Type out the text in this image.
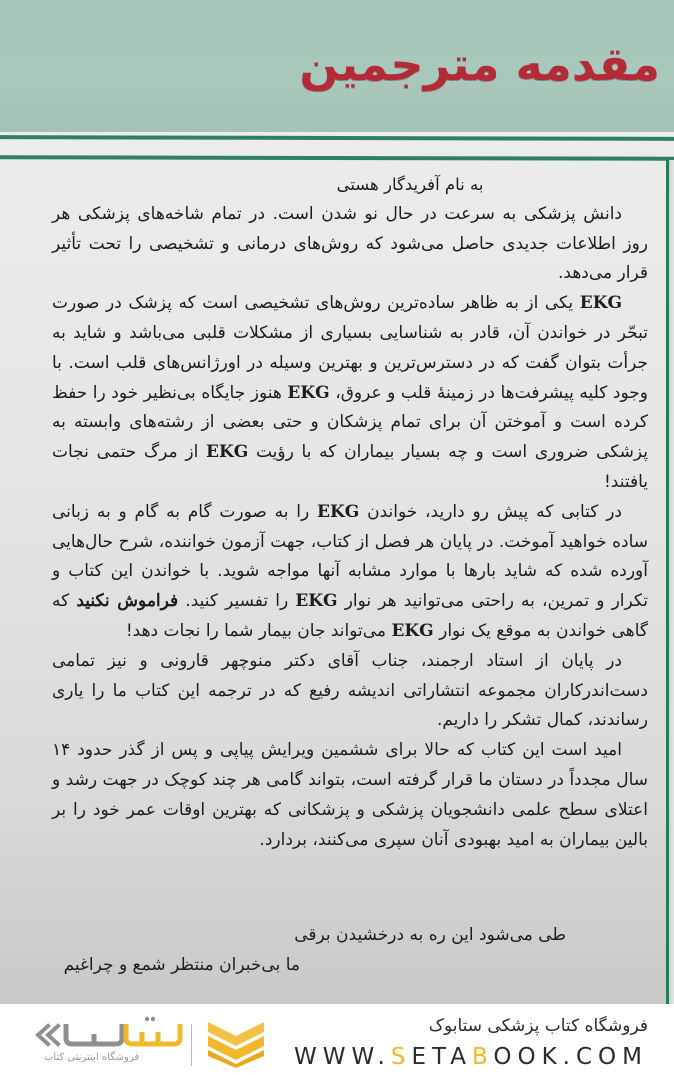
مقدمه مترجمین

به نام آفریدگار هستی

دانش پزشکی به سرعت در حال نو شدن است. در تمام شاخه‌های پزشکی هر روز اطلاعات جدیدی حاصل می‌شود که روش‌های درمانی و تشخیصی را تحت تأثیر قرار می‌دهد.

EKG یکی از به ظاهر ساده‌ترین روش‌های تشخیصی است که پزشک در صورت تبحّر در خواندن آن، قادر به شناسایی بسیاری از مشکلات قلبی می‌باشد و شاید به جرأت بتوان گفت که در دسترس‌ترین و بهترین وسیله در اورژانس‌های قلب است. با وجود کلیه پیشرفت‌ها در زمینهٔ قلب و عروق، EKG هنوز جایگاه بی‌نظیر خود را حفظ کرده است و آموختن آن برای تمام پزشکان و حتی بعضی از رشته‌های وابسته به پزشکی ضروری است و چه بسیار بیماران که با رؤیت EKG از مرگ حتمی نجات یافتند!

در کتابی که پیش رو دارید، خواندن EKG را به صورت گام به گام و به زبانی ساده خواهید آموخت. در پایان هر فصل از کتاب، جهت آزمون خواننده، شرح حال‌هایی آورده شده که شاید بارها با موارد مشابه آنها مواجه شوید. با خواندن این کتاب و تکرار و تمرین، به راحتی می‌توانید هر نوار EKG را تفسیر کنید. فراموش نکنید که گاهی خواندن به موقع یک نوار EKG می‌تواند جان بیمار شما را نجات دهد!

در پایان از استاد ارجمند، جناب آقای دکتر منوچهر قارونی و نیز تمامی دست‌اندرکاران مجموعه انتشاراتی اندیشه رفیع که در ترجمه این کتاب ما را یاری رساندند، کمال تشکر را داریم.

امید است این کتاب که حالا برای ششمین ویرایش پیاپی و پس از گذر حدود ۱۴ سال مجدداً در دستان ما قرار گرفته است، بتواند گامی هر چند کوچک در جهت رشد و اعتلای سطح علمی دانشجویان پزشکی و پزشکانی که بهترین اوقات عمر خود را بر بالین بیماران به امید بهبودی آنان سپری می‌کنند، بردارد.

طی می‌شود این ره به درخشیدن برقی
ما بی‌خبران منتظر شمع و چراغیم
فروشگاه اینترنتی کتاب
فروشگاه کتاب پزشکی ستابوک
WWW.SETABOOK.COM
